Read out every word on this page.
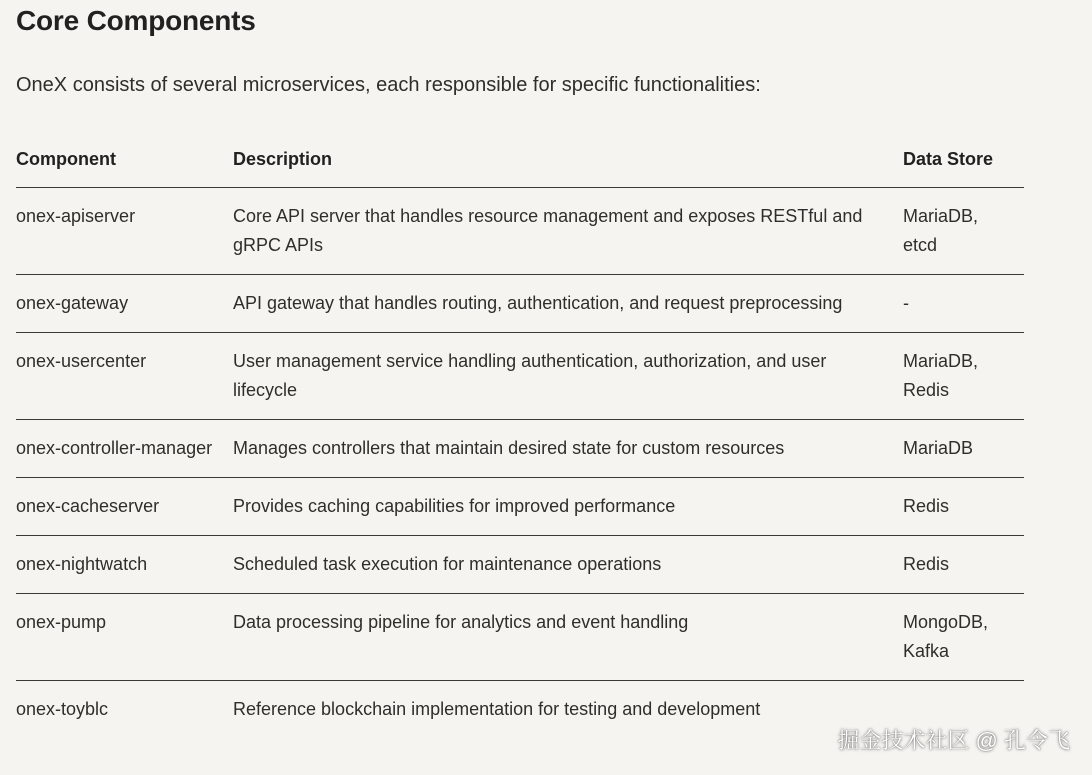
Core Components

OneX consists of several microservices, each responsible for specific functionalities:

Component	Description	Data Store
onex-apiserver	Core API server that handles resource management and exposes RESTful and gRPC APIs	MariaDB, etcd
onex-gateway	API gateway that handles routing, authentication, and request preprocessing	-
onex-usercenter	User management service handling authentication, authorization, and user lifecycle	MariaDB, Redis
onex-controller-manager	Manages controllers that maintain desired state for custom resources	MariaDB
onex-cacheserver	Provides caching capabilities for improved performance	Redis
onex-nightwatch	Scheduled task execution for maintenance operations	Redis
onex-pump	Data processing pipeline for analytics and event handling	MongoDB, Kafka
onex-toyblc	Reference blockchain implementation for testing and development	
掘金技术社区 @ 孔令飞
